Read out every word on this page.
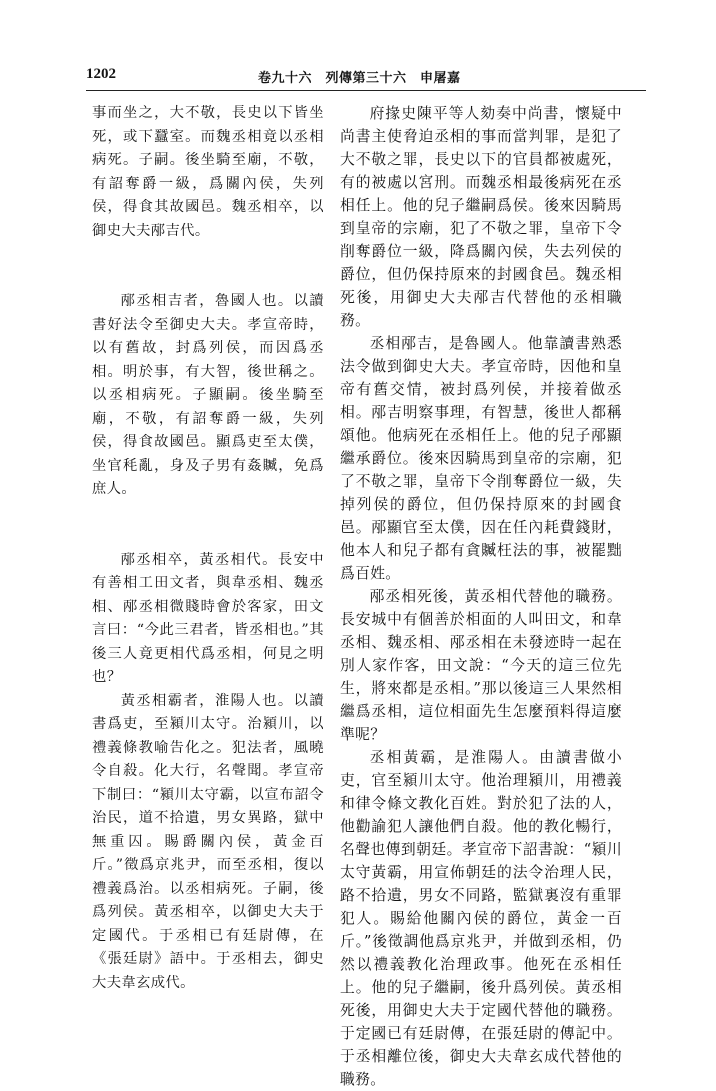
1202	卷九十六　列傳第三十六　申屠嘉

事而坐之，大不敬，長史以下皆坐死，或下蠶室。而魏丞相竟以丞相病死。子嗣。後坐騎至廟，不敬，有詔奪爵一級，爲關內侯，失列侯，得食其故國邑。魏丞相卒，以御史大夫邴吉代。

邴丞相吉者，魯國人也。以讀書好法令至御史大夫。孝宣帝時，以有舊故，封爲列侯，而因爲丞相。明於事，有大智，後世稱之。以丞相病死。子顯嗣。後坐騎至廟，不敬，有詔奪爵一級，失列侯，得食故國邑。顯爲吏至太僕，坐官秏亂，身及子男有姦贓，免爲庶人。

邴丞相卒，黃丞相代。長安中有善相工田文者，與韋丞相、魏丞相、邴丞相微賤時會於客家，田文言曰：“今此三君者，皆丞相也。”其後三人竟更相代爲丞相，何見之明也？

黃丞相霸者，淮陽人也。以讀書爲吏，至潁川太守。治潁川，以禮義條教喻告化之。犯法者，風曉令自殺。化大行，名聲聞。孝宣帝下制曰：“潁川太守霸，以宣布詔令治民，道不拾遺，男女異路，獄中無重囚。賜爵關內侯，黃金百斤。”徵爲京兆尹，而至丞相，復以禮義爲治。以丞相病死。子嗣，後爲列侯。黃丞相卒，以御史大夫于定國代。于丞相已有廷尉傳，在《張廷尉》語中。于丞相去，御史大夫韋玄成代。

府掾史陳平等人劾奏中尚書，懷疑中尚書主使脅迫丞相的事而當判罪，是犯了大不敬之罪，長史以下的官員都被處死，有的被處以宮刑。而魏丞相最後病死在丞相任上。他的兒子繼嗣爲侯。後來因騎馬到皇帝的宗廟，犯了不敬之罪，皇帝下令削奪爵位一級，降爲關內侯，失去列侯的爵位，但仍保持原來的封國食邑。魏丞相死後，用御史大夫邴吉代替他的丞相職務。

丞相邴吉，是魯國人。他靠讀書熟悉法令做到御史大夫。孝宣帝時，因他和皇帝有舊交情，被封爲列侯，并接着做丞相。邴吉明察事理，有智慧，後世人都稱頌他。他病死在丞相任上。他的兒子邴顯繼承爵位。後來因騎馬到皇帝的宗廟，犯了不敬之罪，皇帝下令削奪爵位一級，失掉列侯的爵位，但仍保持原來的封國食邑。邴顯官至太僕，因在任內耗費錢財，他本人和兒子都有貪贓枉法的事，被罷黜爲百姓。

邴丞相死後，黃丞相代替他的職務。長安城中有個善於相面的人叫田文，和韋丞相、魏丞相、邴丞相在未發迹時一起在別人家作客，田文說：“今天的這三位先生，將來都是丞相。”那以後這三人果然相繼爲丞相，這位相面先生怎麼預料得這麼準呢？

丞相黃霸，是淮陽人。由讀書做小吏，官至潁川太守。他治理潁川，用禮義和律令條文教化百姓。對於犯了法的人，他勸諭犯人讓他們自殺。他的教化暢行，名聲也傳到朝廷。孝宣帝下詔書說：“潁川太守黃霸，用宣佈朝廷的法令治理人民，路不拾遺，男女不同路，監獄裏沒有重罪犯人。賜給他關內侯的爵位，黃金一百斤。”後徵調他爲京兆尹，并做到丞相，仍然以禮義教化治理政事。他死在丞相任上。他的兒子繼嗣，後升爲列侯。黃丞相死後，用御史大夫于定國代替他的職務。于定國已有廷尉傳，在張廷尉的傳記中。于丞相離位後，御史大夫韋玄成代替他的職務。
